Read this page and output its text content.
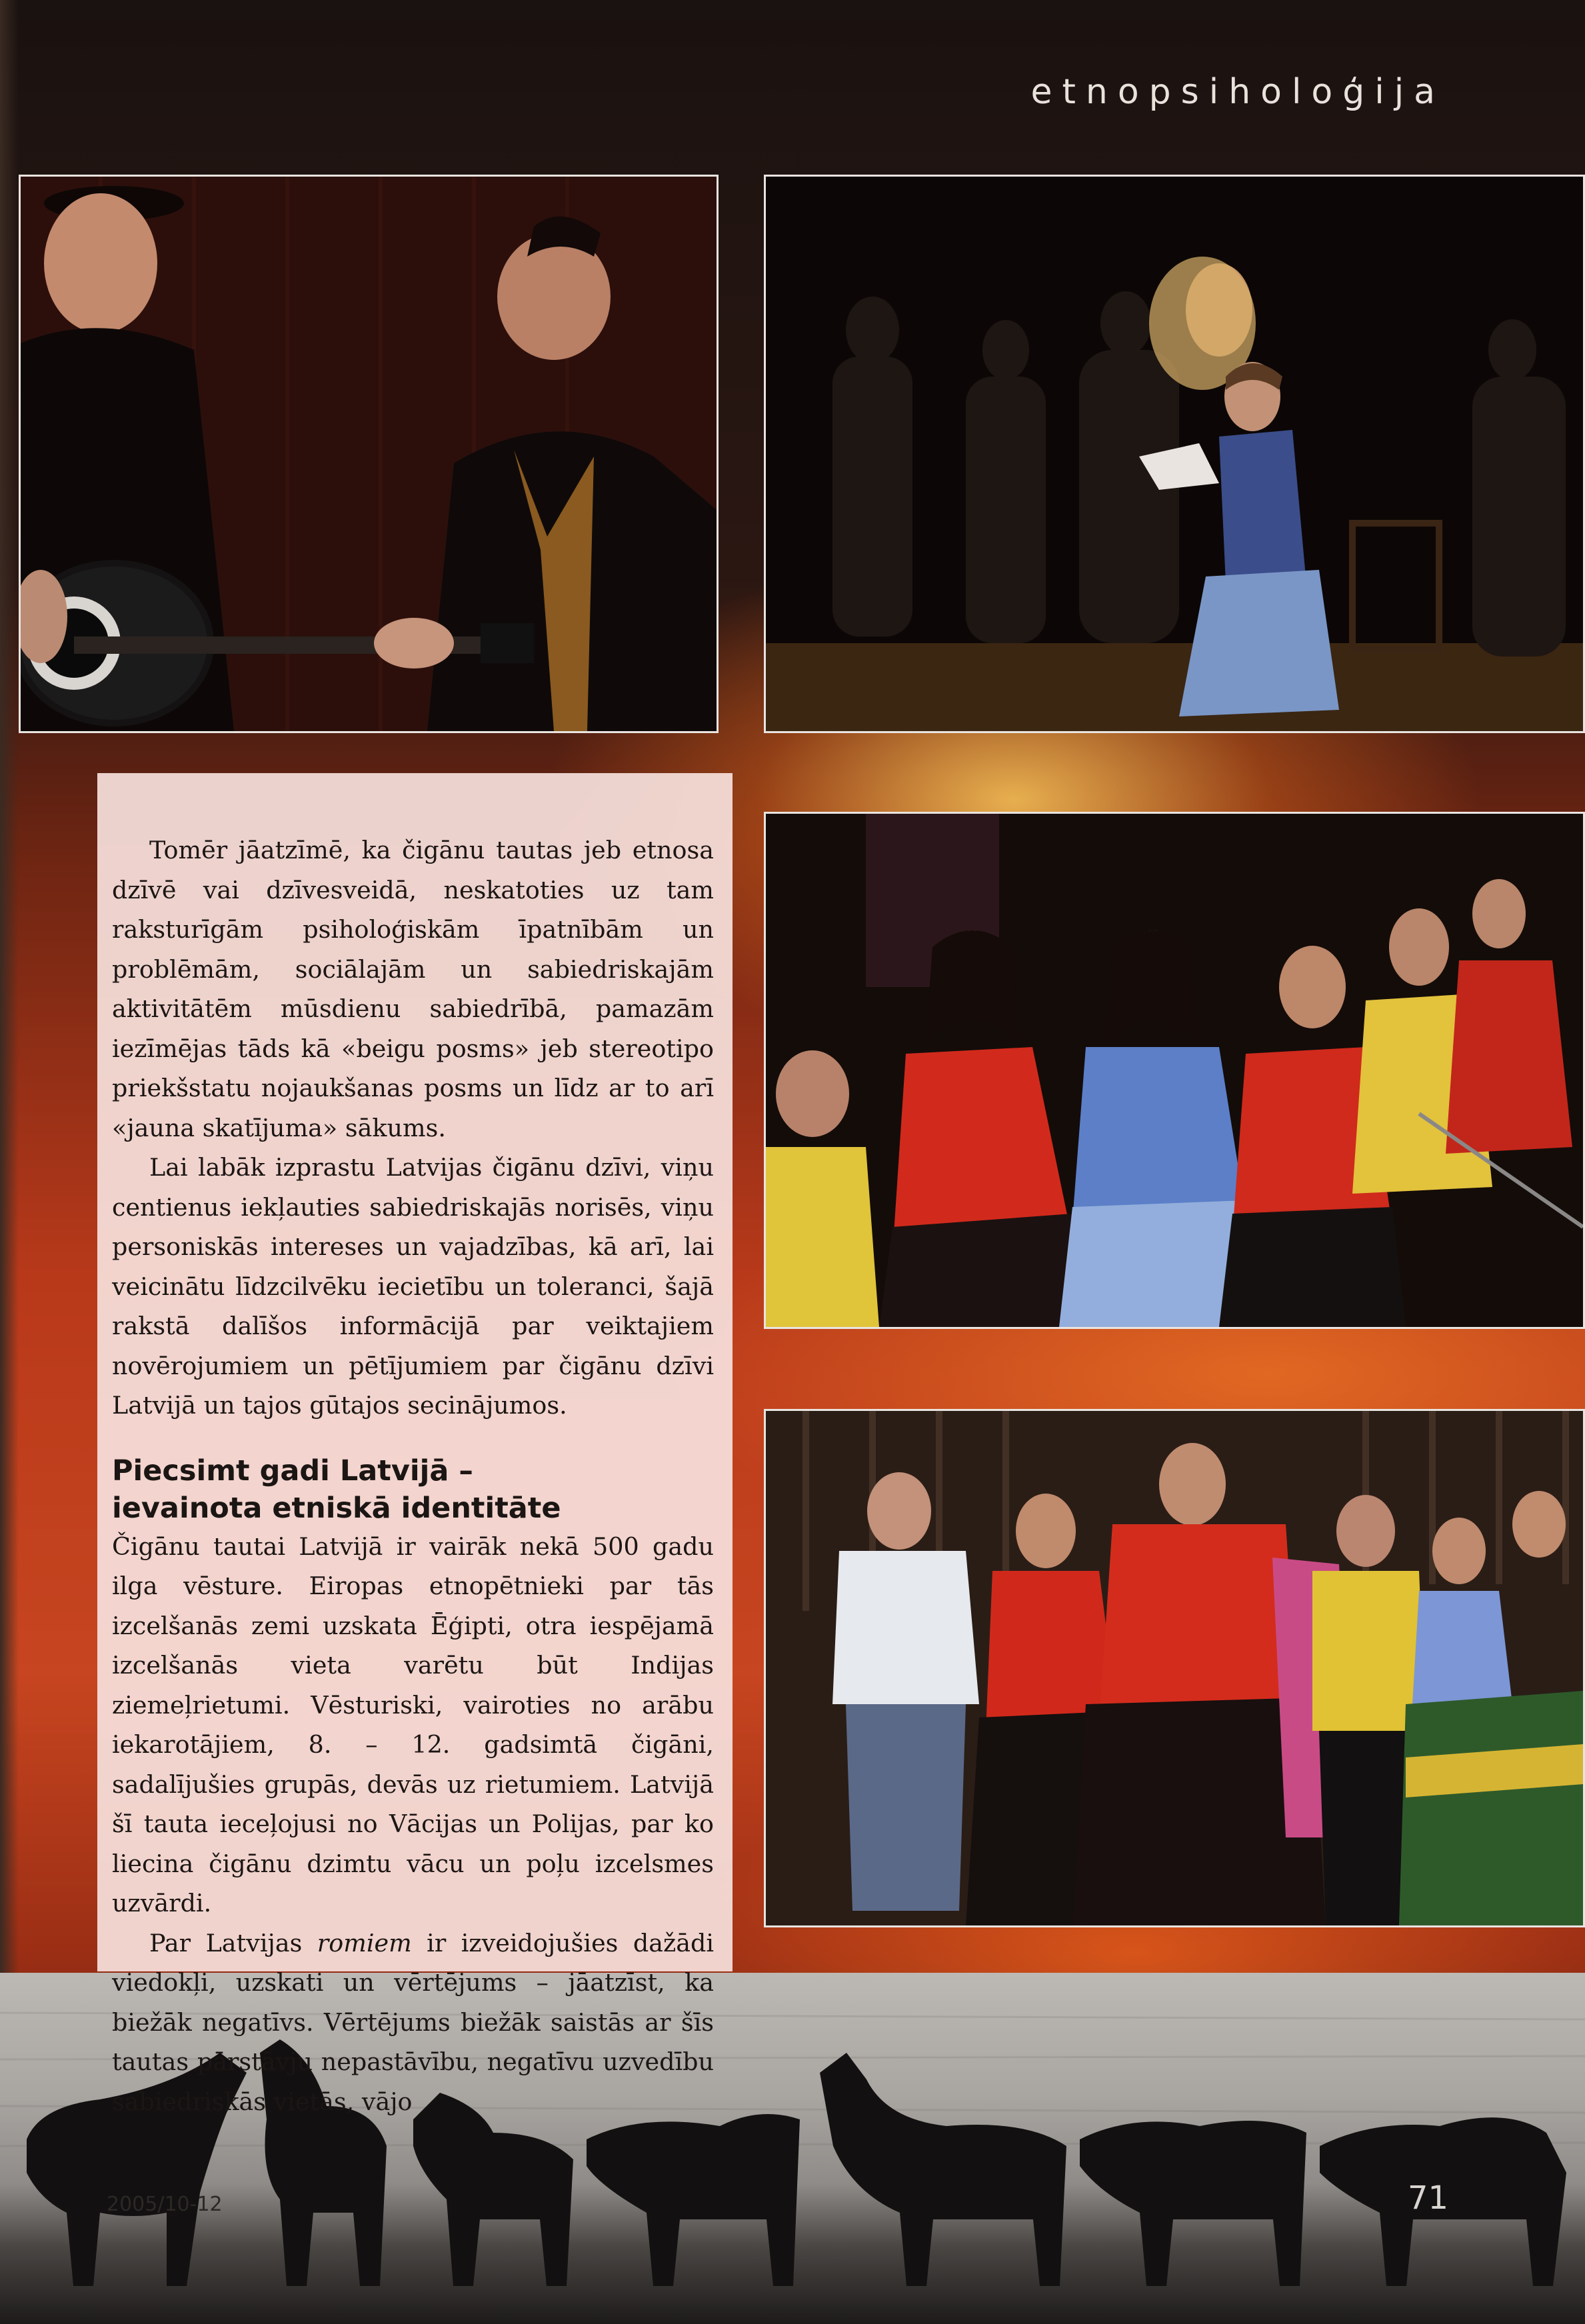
etnopsiholoģija

Tomēr jāatzīmē, ka čigānu tautas jeb etnosa dzīvē vai dzīvesveidā, neskatoties uz tam raksturīgām psiholoģiskām īpatnībām un problēmām, sociālajām un sabiedriskajām aktivitātēm mūsdienu sabiedrībā, pamazām iezīmējas tāds kā «beigu posms» jeb stereotipo priekšstatu nojaukšanas posms un līdz ar to arī «jauna skatījuma» sākums.

Lai labāk izprastu Latvijas čigānu dzīvi, viņu centienus iekļauties sabiedriskajās norisēs, viņu personiskās intereses un vajadzības, kā arī, lai veicinātu līdzcilvēku iecietību un toleranci, šajā rakstā dalīšos informācijā par veiktajiem novērojumiem un pētījumiem par čigānu dzīvi Latvijā un tajos gūtajos secinājumos.

Piecsimt gadi Latvijā –
ievainota etniskā identitāte

Čigānu tautai Latvijā ir vairāk nekā 500 gadu ilga vēsture. Eiropas etnopētnieki par tās izcelšanās zemi uzskata Ēģipti, otra iespējamā izcelšanās vieta varētu būt Indijas ziemeļrietumi. Vēsturiski, vairoties no arābu iekarotājiem, 8. – 12. gadsimtā čigāni, sadalījušies grupās, devās uz rietumiem. Latvijā šī tauta ieceļojusi no Vācijas un Polijas, par ko liecina čigānu dzimtu vācu un poļu izcelsmes uzvārdi.

Par Latvijas romiem ir izveidojušies dažādi viedokļi, uzskati un vērtējums – jāatzīst, ka biežāk negatīvs. Vērtējums biežāk saistās ar šīs tautas pārstāvju nepastāvību, negatīvu uzvedību sabiedriskās vietās, vājo

2005/10-12	71
